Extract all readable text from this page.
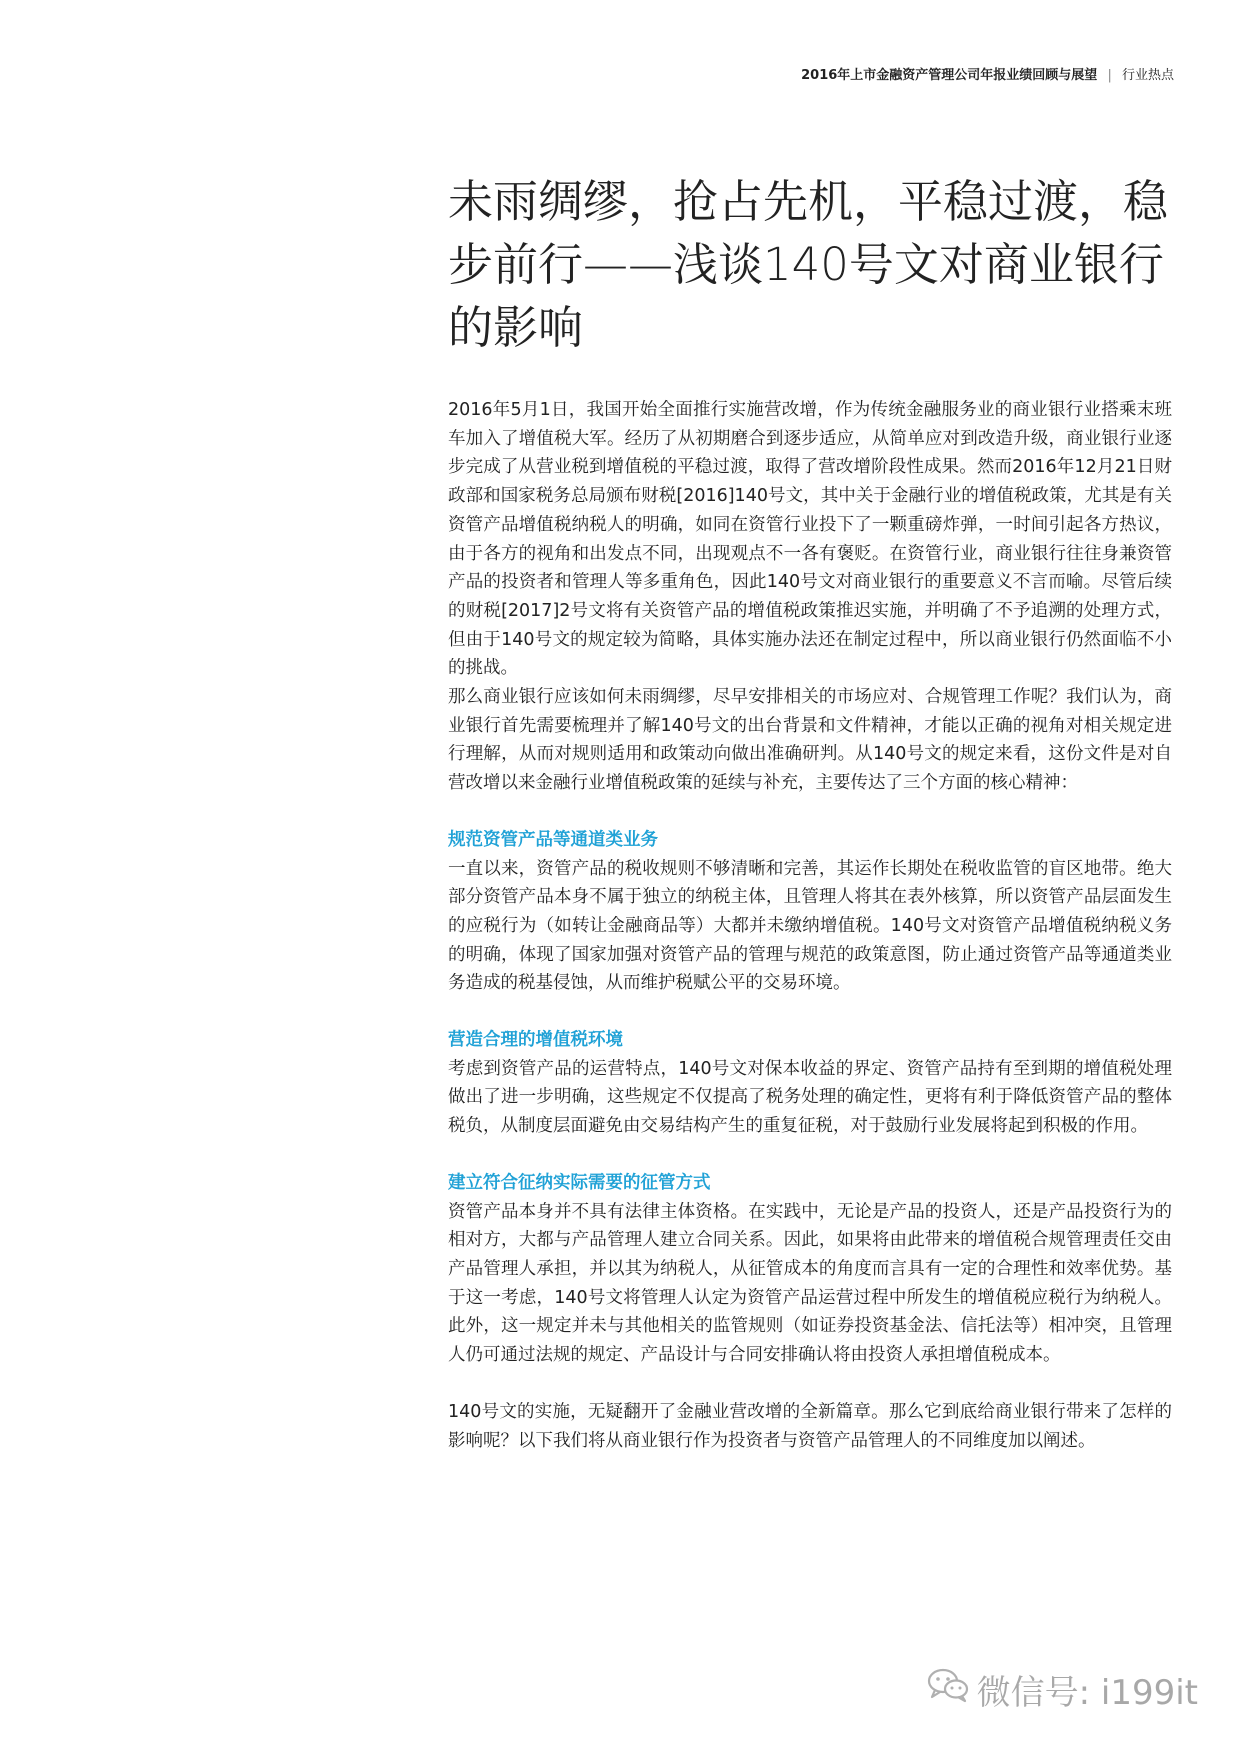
2016年上市金融资产管理公司年报业绩回顾与展望 | 行业热点
未雨绸缪，抢占先机，平稳过渡，稳步前行——浅谈140号文对商业银行的影响

2016年5月1日，我国开始全面推行实施营改增，作为传统金融服务业的商业银行业搭乘末班车加入了增值税大军。经历了从初期磨合到逐步适应，从简单应对到改造升级，商业银行业逐步完成了从营业税到增值税的平稳过渡，取得了营改增阶段性成果。然而2016年12月21日财政部和国家税务总局颁布财税[2016]140号文，其中关于金融行业的增值税政策，尤其是有关资管产品增值税纳税人的明确，如同在资管行业投下了一颗重磅炸弹，一时间引起各方热议，由于各方的视角和出发点不同，出现观点不一各有褒贬。在资管行业，商业银行往往身兼资管产品的投资者和管理人等多重角色，因此140号文对商业银行的重要意义不言而喻。尽管后续的财税[2017]2号文将有关资管产品的增值税政策推迟实施，并明确了不予追溯的处理方式，但由于140号文的规定较为简略，具体实施办法还在制定过程中，所以商业银行仍然面临不小的挑战。

那么商业银行应该如何未雨绸缪，尽早安排相关的市场应对、合规管理工作呢？我们认为，商业银行首先需要梳理并了解140号文的出台背景和文件精神，才能以正确的视角对相关规定进行理解，从而对规则适用和政策动向做出准确研判。从140号文的规定来看，这份文件是对自营改增以来金融行业增值税政策的延续与补充，主要传达了三个方面的核心精神：

规范资管产品等通道类业务

一直以来，资管产品的税收规则不够清晰和完善，其运作长期处在税收监管的盲区地带。绝大部分资管产品本身不属于独立的纳税主体，且管理人将其在表外核算，所以资管产品层面发生的应税行为（如转让金融商品等）大都并未缴纳增值税。140号文对资管产品增值税纳税义务的明确，体现了国家加强对资管产品的管理与规范的政策意图，防止通过资管产品等通道类业务造成的税基侵蚀，从而维护税赋公平的交易环境。

营造合理的增值税环境

考虑到资管产品的运营特点，140号文对保本收益的界定、资管产品持有至到期的增值税处理做出了进一步明确，这些规定不仅提高了税务处理的确定性，更将有利于降低资管产品的整体税负，从制度层面避免由交易结构产生的重复征税，对于鼓励行业发展将起到积极的作用。

建立符合征纳实际需要的征管方式

资管产品本身并不具有法律主体资格。在实践中，无论是产品的投资人，还是产品投资行为的相对方，大都与产品管理人建立合同关系。因此，如果将由此带来的增值税合规管理责任交由产品管理人承担，并以其为纳税人，从征管成本的角度而言具有一定的合理性和效率优势。基于这一考虑，140号文将管理人认定为资管产品运营过程中所发生的增值税应税行为纳税人。此外，这一规定并未与其他相关的监管规则（如证券投资基金法、信托法等）相冲突，且管理人仍可通过法规的规定、产品设计与合同安排确认将由投资人承担增值税成本。

140号文的实施，无疑翻开了金融业营改增的全新篇章。那么它到底给商业银行带来了怎样的影响呢？以下我们将从商业银行作为投资者与资管产品管理人的不同维度加以阐述。

微信号: i199it
